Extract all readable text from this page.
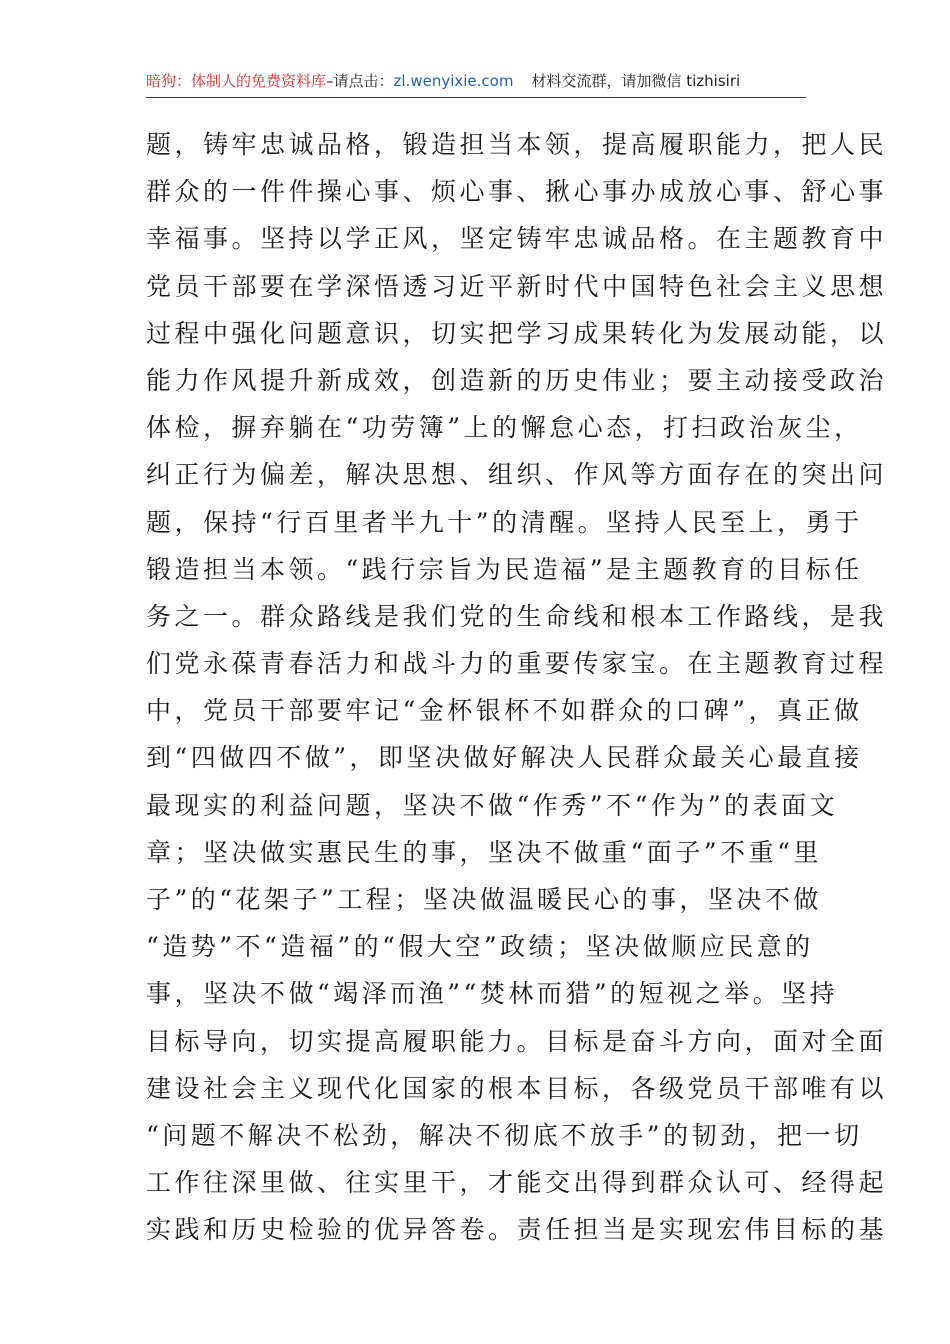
暗狗：体制人的免费资料库–请点击：zl.wenyixie.com 材料交流群，请加微信 tizhisiri
题，铸牢忠诚品格，锻造担当本领，提高履职能力，把人民
群众的一件件操心事、烦心事、揪心事办成放心事、舒心事
幸福事。坚持以学正风，坚定铸牢忠诚品格。在主题教育中
党员干部要在学深悟透习近平新时代中国特色社会主义思想
过程中强化问题意识，切实把学习成果转化为发展动能，以
能力作风提升新成效，创造新的历史伟业；要主动接受政治
体检，摒弃躺在“功劳簿”上的懈怠心态，打扫政治灰尘，
纠正行为偏差，解决思想、组织、作风等方面存在的突出问
题，保持“行百里者半九十”的清醒。坚持人民至上，勇于
锻造担当本领。“践行宗旨为民造福”是主题教育的目标任
务之一。群众路线是我们党的生命线和根本工作路线，是我
们党永葆青春活力和战斗力的重要传家宝。在主题教育过程
中，党员干部要牢记“金杯银杯不如群众的口碑”，真正做
到“四做四不做”，即坚决做好解决人民群众最关心最直接
最现实的利益问题，坚决不做“作秀”不“作为”的表面文
章；坚决做实惠民生的事，坚决不做重“面子”不重“里
子”的“花架子”工程；坚决做温暖民心的事，坚决不做
“造势”不“造福”的“假大空”政绩；坚决做顺应民意的
事，坚决不做“竭泽而渔”“焚林而猎”的短视之举。坚持
目标导向，切实提高履职能力。目标是奋斗方向，面对全面
建设社会主义现代化国家的根本目标，各级党员干部唯有以
“问题不解决不松劲，解决不彻底不放手”的韧劲，把一切
工作往深里做、往实里干，才能交出得到群众认可、经得起
实践和历史检验的优异答卷。责任担当是实现宏伟目标的基
